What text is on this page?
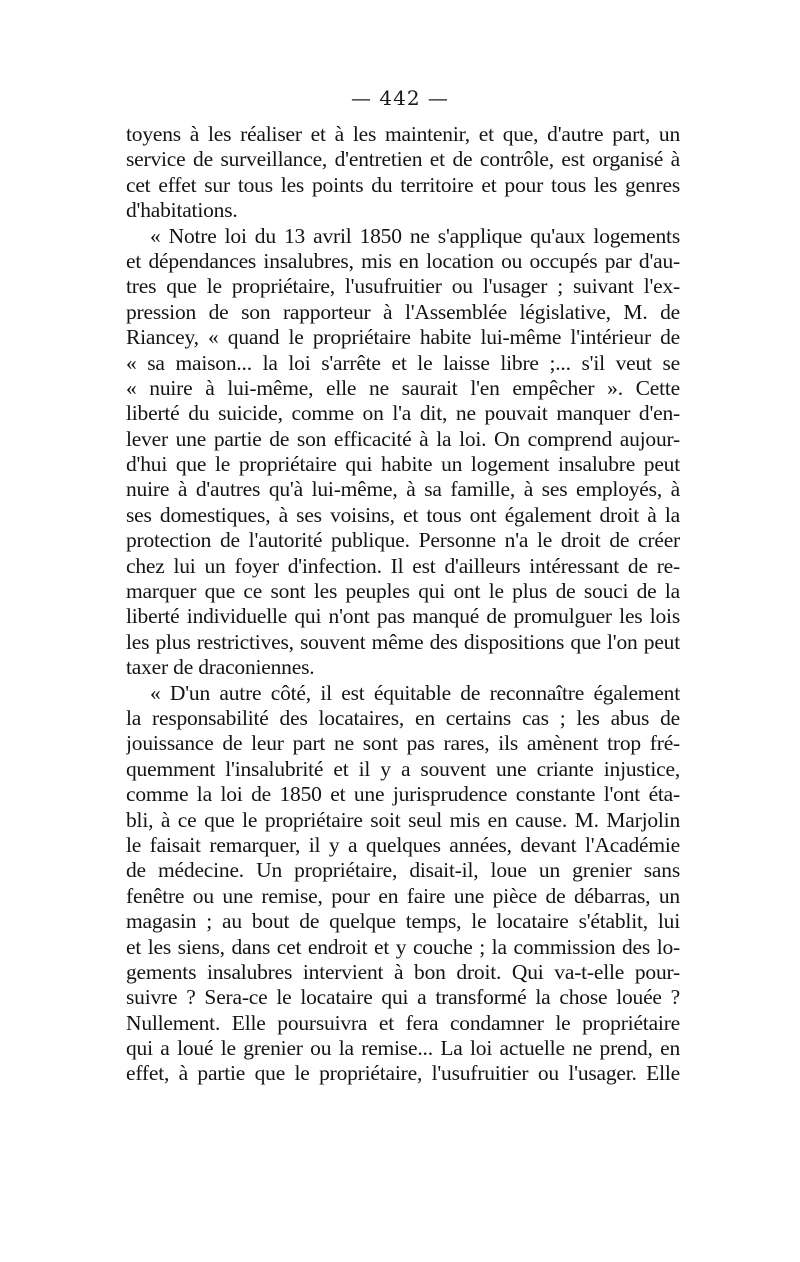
— 442 —
toyens à les réaliser et à les maintenir, et que, d'autre part, un
service de surveillance, d'entretien et de contrôle, est organisé à
cet effet sur tous les points du territoire et pour tous les genres
d'habitations.
« Notre loi du 13 avril 1850 ne s'applique qu'aux logements
et dépendances insalubres, mis en location ou occupés par d'au-
tres que le propriétaire, l'usufruitier ou l'usager ; suivant l'ex-
pression de son rapporteur à l'Assemblée législative, M. de
Riancey, « quand le propriétaire habite lui-même l'intérieur de
« sa maison... la loi s'arrête et le laisse libre ;... s'il veut se
« nuire à lui-même, elle ne saurait l'en empêcher ». Cette
liberté du suicide, comme on l'a dit, ne pouvait manquer d'en-
lever une partie de son efficacité à la loi. On comprend aujour-
d'hui que le propriétaire qui habite un logement insalubre peut
nuire à d'autres qu'à lui-même, à sa famille, à ses employés, à
ses domestiques, à ses voisins, et tous ont également droit à la
protection de l'autorité publique. Personne n'a le droit de créer
chez lui un foyer d'infection. Il est d'ailleurs intéressant de re-
marquer que ce sont les peuples qui ont le plus de souci de la
liberté individuelle qui n'ont pas manqué de promulguer les lois
les plus restrictives, souvent même des dispositions que l'on peut
taxer de draconiennes.
« D'un autre côté, il est équitable de reconnaître également
la responsabilité des locataires, en certains cas ; les abus de
jouissance de leur part ne sont pas rares, ils amènent trop fré-
quemment l'insalubrité et il y a souvent une criante injustice,
comme la loi de 1850 et une jurisprudence constante l'ont éta-
bli, à ce que le propriétaire soit seul mis en cause. M. Marjolin
le faisait remarquer, il y a quelques années, devant l'Académie
de médecine. Un propriétaire, disait-il, loue un grenier sans
fenêtre ou une remise, pour en faire une pièce de débarras, un
magasin ; au bout de quelque temps, le locataire s'établit, lui
et les siens, dans cet endroit et y couche ; la commission des lo-
gements insalubres intervient à bon droit. Qui va-t-elle pour-
suivre ? Sera-ce le locataire qui a transformé la chose louée ?
Nullement. Elle poursuivra et fera condamner le propriétaire
qui a loué le grenier ou la remise... La loi actuelle ne prend, en
effet, à partie que le propriétaire, l'usufruitier ou l'usager. Elle
